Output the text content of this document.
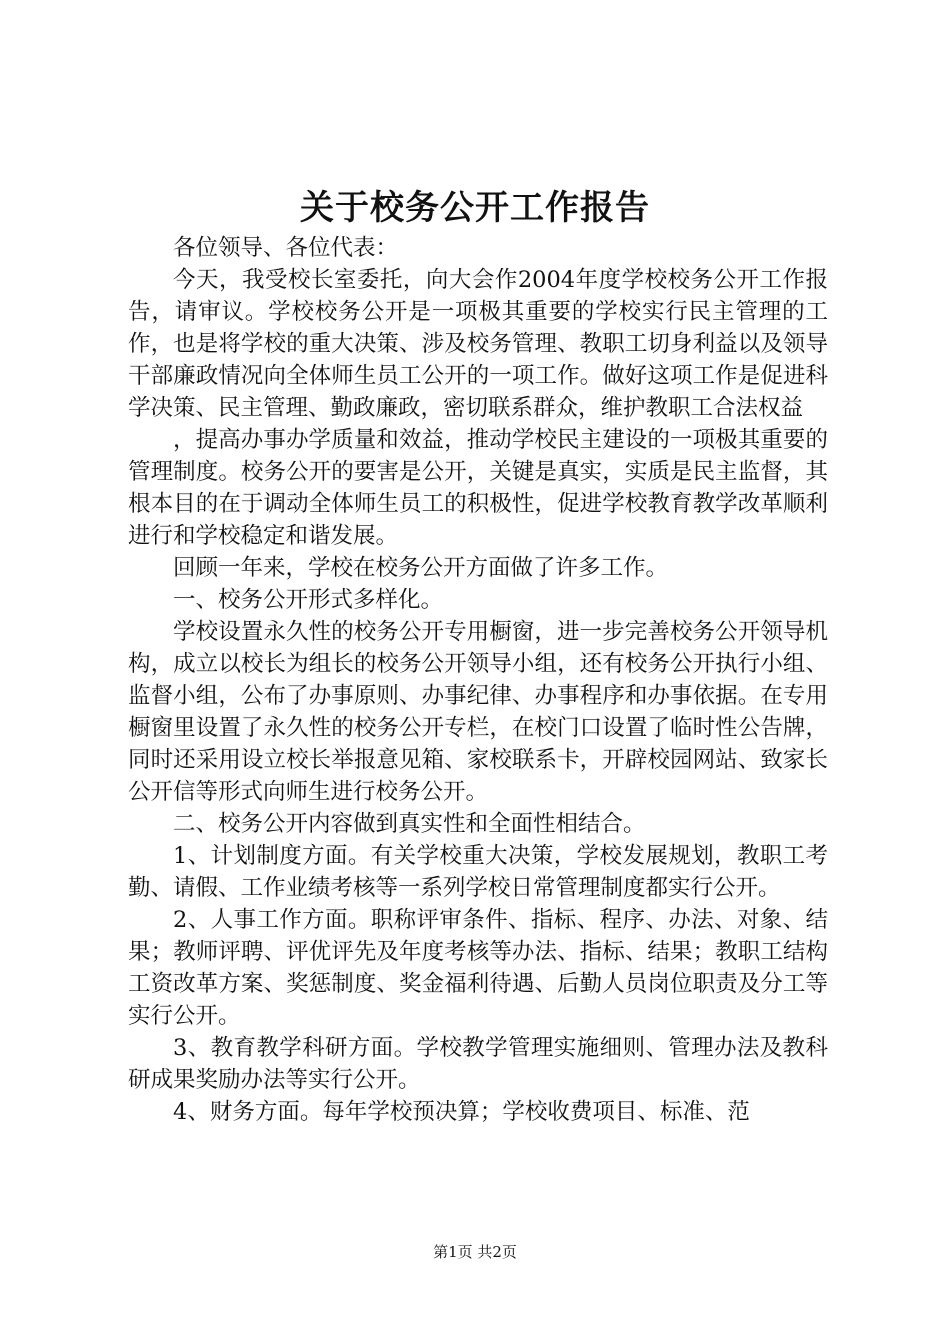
关于校务公开工作报告

各位领导、各位代表：

今天，我受校长室委托，向大会作2004年度学校校务公开工作报告，请审议。学校校务公开是一项极其重要的学校实行民主管理的工作，也是将学校的重大决策、涉及校务管理、教职工切身利益以及领导干部廉政情况向全体师生员工公开的一项工作。做好这项工作是促进科学决策、民主管理、勤政廉政，密切联系群众，维护教职工合法权益

，提高办事办学质量和效益，推动学校民主建设的一项极其重要的管理制度。校务公开的要害是公开，关键是真实，实质是民主监督，其根本目的在于调动全体师生员工的积极性，促进学校教育教学改革顺利进行和学校稳定和谐发展。

回顾一年来，学校在校务公开方面做了许多工作。

一、校务公开形式多样化。

学校设置永久性的校务公开专用橱窗，进一步完善校务公开领导机构，成立以校长为组长的校务公开领导小组，还有校务公开执行小组、监督小组，公布了办事原则、办事纪律、办事程序和办事依据。在专用橱窗里设置了永久性的校务公开专栏，在校门口设置了临时性公告牌，同时还采用设立校长举报意见箱、家校联系卡，开辟校园网站、致家长公开信等形式向师生进行校务公开。

二、校务公开内容做到真实性和全面性相结合。

1、计划制度方面。有关学校重大决策，学校发展规划，教职工考勤、请假、工作业绩考核等一系列学校日常管理制度都实行公开。

2、人事工作方面。职称评审条件、指标、程序、办法、对象、结果；教师评聘、评优评先及年度考核等办法、指标、结果；教职工结构工资改革方案、奖惩制度、奖金福利待遇、后勤人员岗位职责及分工等实行公开。

3、教育教学科研方面。学校教学管理实施细则、管理办法及教科研成果奖励办法等实行公开。

4、财务方面。每年学校预决算；学校收费项目、标准、范

第1页 共2页
